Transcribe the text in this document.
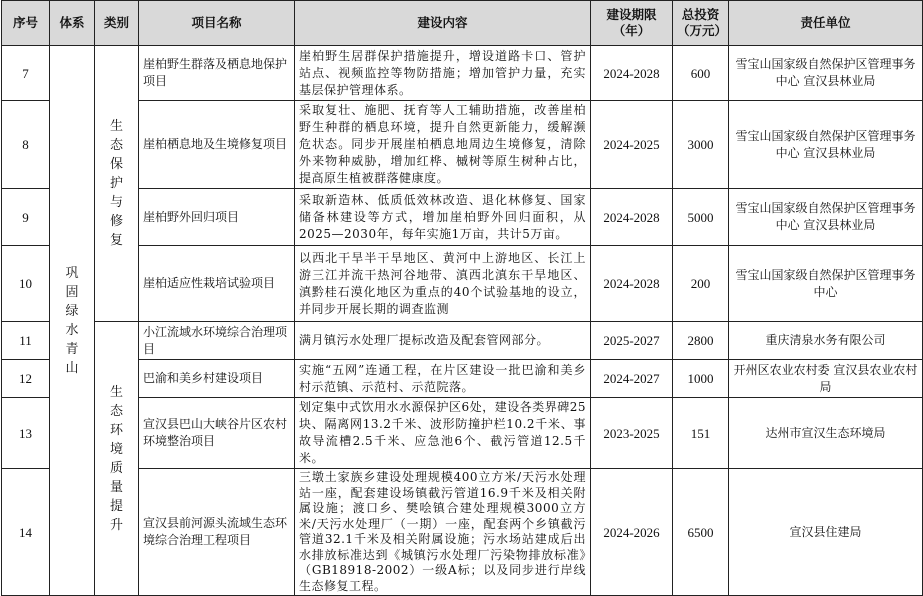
序号	体系	类别	项目名称	建设内容	建设期限（年）	总投资（万元）	责任单位
7	巩固绿水青山	生态保护与修复	崖柏野生群落及栖息地保护项目	崖柏野生居群保护措施提升，增设道路卡口、管护站点、视频监控等物防措施；增加管护力量，充实基层保护管理体系。	2024-2028	600	雪宝山国家级自然保护区管理事务中心 宣汉县林业局
8			崖柏栖息地及生境修复项目	采取复壮、施肥、抚育等人工辅助措施，改善崖柏野生种群的栖息环境，提升自然更新能力，缓解濒危状态。同步开展崖柏栖息地周边生境修复，清除外来物种威胁，增加红桦、槭树等原生树种占比，提高原生植被群落健康度。	2024-2025	3000	雪宝山国家级自然保护区管理事务中心 宣汉县林业局
9			崖柏野外回归项目	采取新造林、低质低效林改造、退化林修复、国家储备林建设等方式，增加崖柏野外回归面积，从2025—2030年，每年实施1万亩，共计5万亩。	2024-2028	5000	雪宝山国家级自然保护区管理事务中心 宣汉县林业局
10			崖柏适应性栽培试验项目	以西北干旱半干旱地区、黄河中上游地区、长江上游三江并流干热河谷地带、滇西北滇东干旱地区、滇黔桂石漠化地区为重点的40个试验基地的设立，并同步开展长期的调查监测	2024-2028	200	雪宝山国家级自然保护区管理事务中心
11		生态环境质量提升	小江流域水环境综合治理项目	满月镇污水处理厂提标改造及配套管网部分。	2025-2027	2800	重庆清泉水务有限公司
12			巴渝和美乡村建设项目	实施“五网”连通工程，在片区建设一批巴渝和美乡村示范镇、示范村、示范院落。	2024-2027	1000	开州区农业农村委 宣汉县农业农村局
13			宣汉县巴山大峡谷片区农村环境整治项目	划定集中式饮用水水源保护区6处，建设各类界碑25块、隔离网13.2千米、波形防撞护栏10.2千米、事故导流槽2.5千米、应急池6个、截污管道12.5千米。	2023-2025	151	达州市宣汉生态环境局
14			宣汉县前河源头流域生态环境综合治理工程项目	三墩土家族乡建设处理规模400立方米/天污水处理站一座，配套建设场镇截污管道16.9千米及相关附属设施；渡口乡、樊哙镇合建处理规模3000立方米/天污水处理厂（一期）一座，配套两个乡镇截污管道32.1千米及相关附属设施；污水场站建成后出水排放标准达到《城镇污水处理厂污染物排放标准》（GB18918-2002）一级A标；以及同步进行岸线生态修复工程。	2024-2026	6500	宣汉县住建局
